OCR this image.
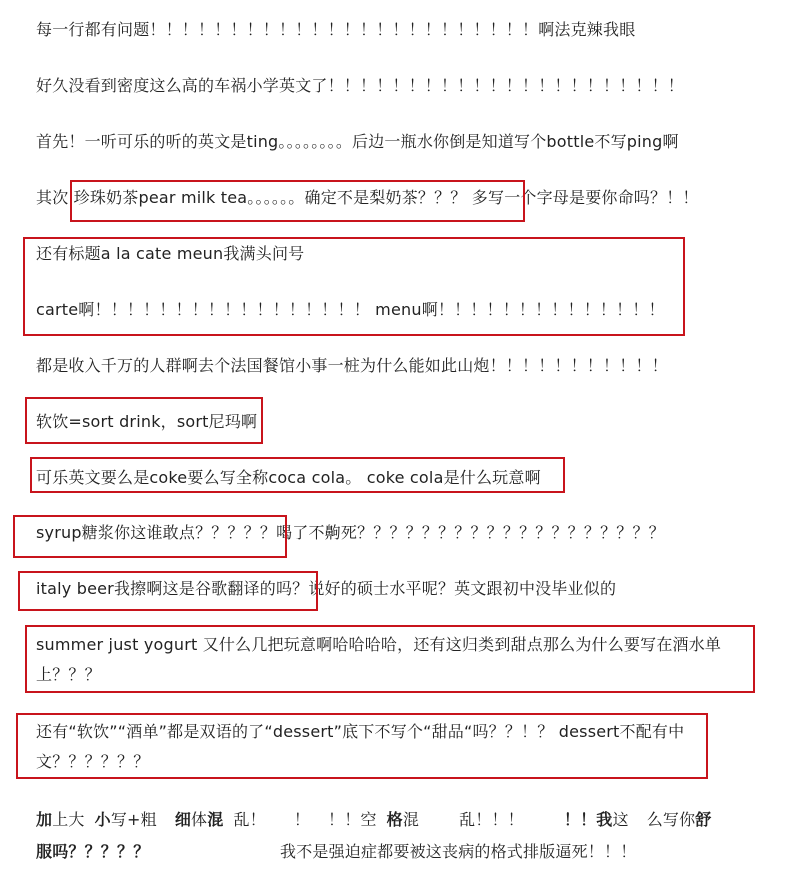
每一行都有问题！！！！！！！！！！！！！！！！！！！！！！！！啊法克辣我眼
好久没看到密度这么高的车祸小学英文了！！！！！！！！！！！！！！！！！！！！！！
首先！一听可乐的听的英文是ting。。。。。。。。后边一瓶水你倒是知道写个bottle不写ping啊
其次 珍珠奶茶pear milk tea。。。。。。确定不是梨奶茶？？？ 多写一个字母是要你命吗？！！
还有标题a la cate meun我满头问号
carte啊！！！！！！！！！！！！！！！！！ menu啊！！！！！！！！！！！！！！
都是收入千万的人群啊去个法国餐馆小事一桩为什么能如此山炮！！！！！！！！！！！
软饮=sort drink，sort尼玛啊
可乐英文要么是coke要么写全称coca cola。 coke cola是什么玩意啊
syrup糖浆你这谁敢点？？？？？喝了不齁死？？？？？？？？？？？？？？？？？？？
italy beer我擦啊这是谷歌翻译的吗？说好的硕士水平呢？英文跟初中没毕业似的
summer just yogurt 又什么几把玩意啊哈哈哈哈，还有这归类到甜点那么为什么要写在酒水单
上？？？
还有“软饮”“酒单”都是双语的了“dessert”底下不写个“甜品“吗？？！？ dessert不配有中
文？？？？？？
加上大 小写+粗 细体混 乱！ ！ ！！空 格混	乱！！！	！！我这 么写你舒
服吗？？？？？	我不是强迫症都要被这丧病的格式排版逼死！！！
